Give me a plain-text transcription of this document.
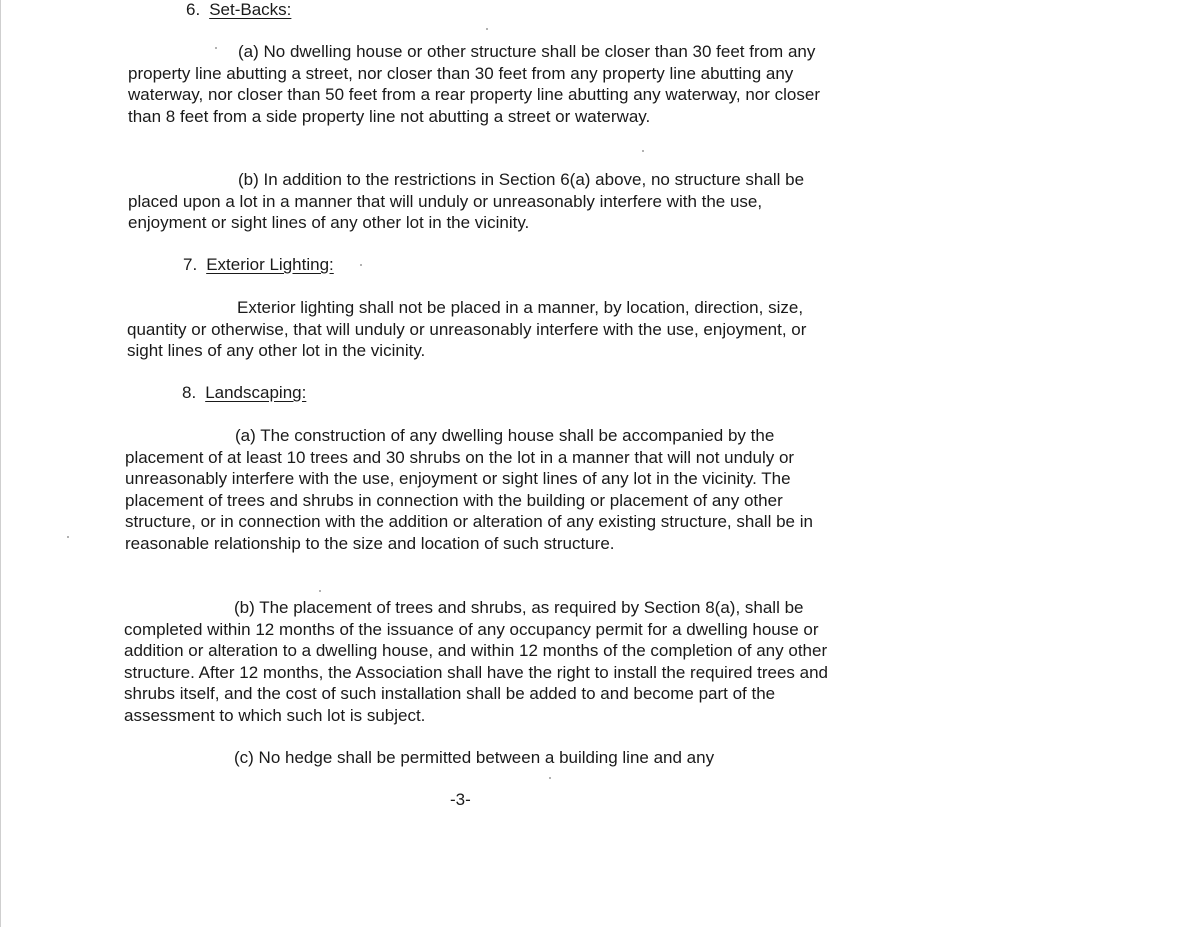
6. Set-Backs:

(a) No dwelling house or other structure shall be closer than 30 feet from any property line abutting a street, nor closer than 30 feet from any property line abutting any waterway, nor closer than 50 feet from a rear property line abutting any waterway, nor closer than 8 feet from a side property line not abutting a street or waterway.

(b) In addition to the restrictions in Section 6(a) above, no structure shall be placed upon a lot in a manner that will unduly or unreasonably interfere with the use, enjoyment or sight lines of any other lot in the vicinity.

7. Exterior Lighting:

Exterior lighting shall not be placed in a manner, by location, direction, size, quantity or otherwise, that will unduly or unreasonably interfere with the use, enjoyment, or sight lines of any other lot in the vicinity.

8. Landscaping:

(a) The construction of any dwelling house shall be accompanied by the placement of at least 10 trees and 30 shrubs on the lot in a manner that will not unduly or unreasonably interfere with the use, enjoyment or sight lines of any lot in the vicinity. The placement of trees and shrubs in connection with the building or placement of any other structure, or in connection with the addition or alteration of any existing structure, shall be in reasonable relationship to the size and location of such structure.

(b) The placement of trees and shrubs, as required by Section 8(a), shall be completed within 12 months of the issuance of any occupancy permit for a dwelling house or addition or alteration to a dwelling house, and within 12 months of the completion of any other structure. After 12 months, the Association shall have the right to install the required trees and shrubs itself, and the cost of such installation shall be added to and become part of the assessment to which such lot is subject.

(c) No hedge shall be permitted between a building line and any

-3-
